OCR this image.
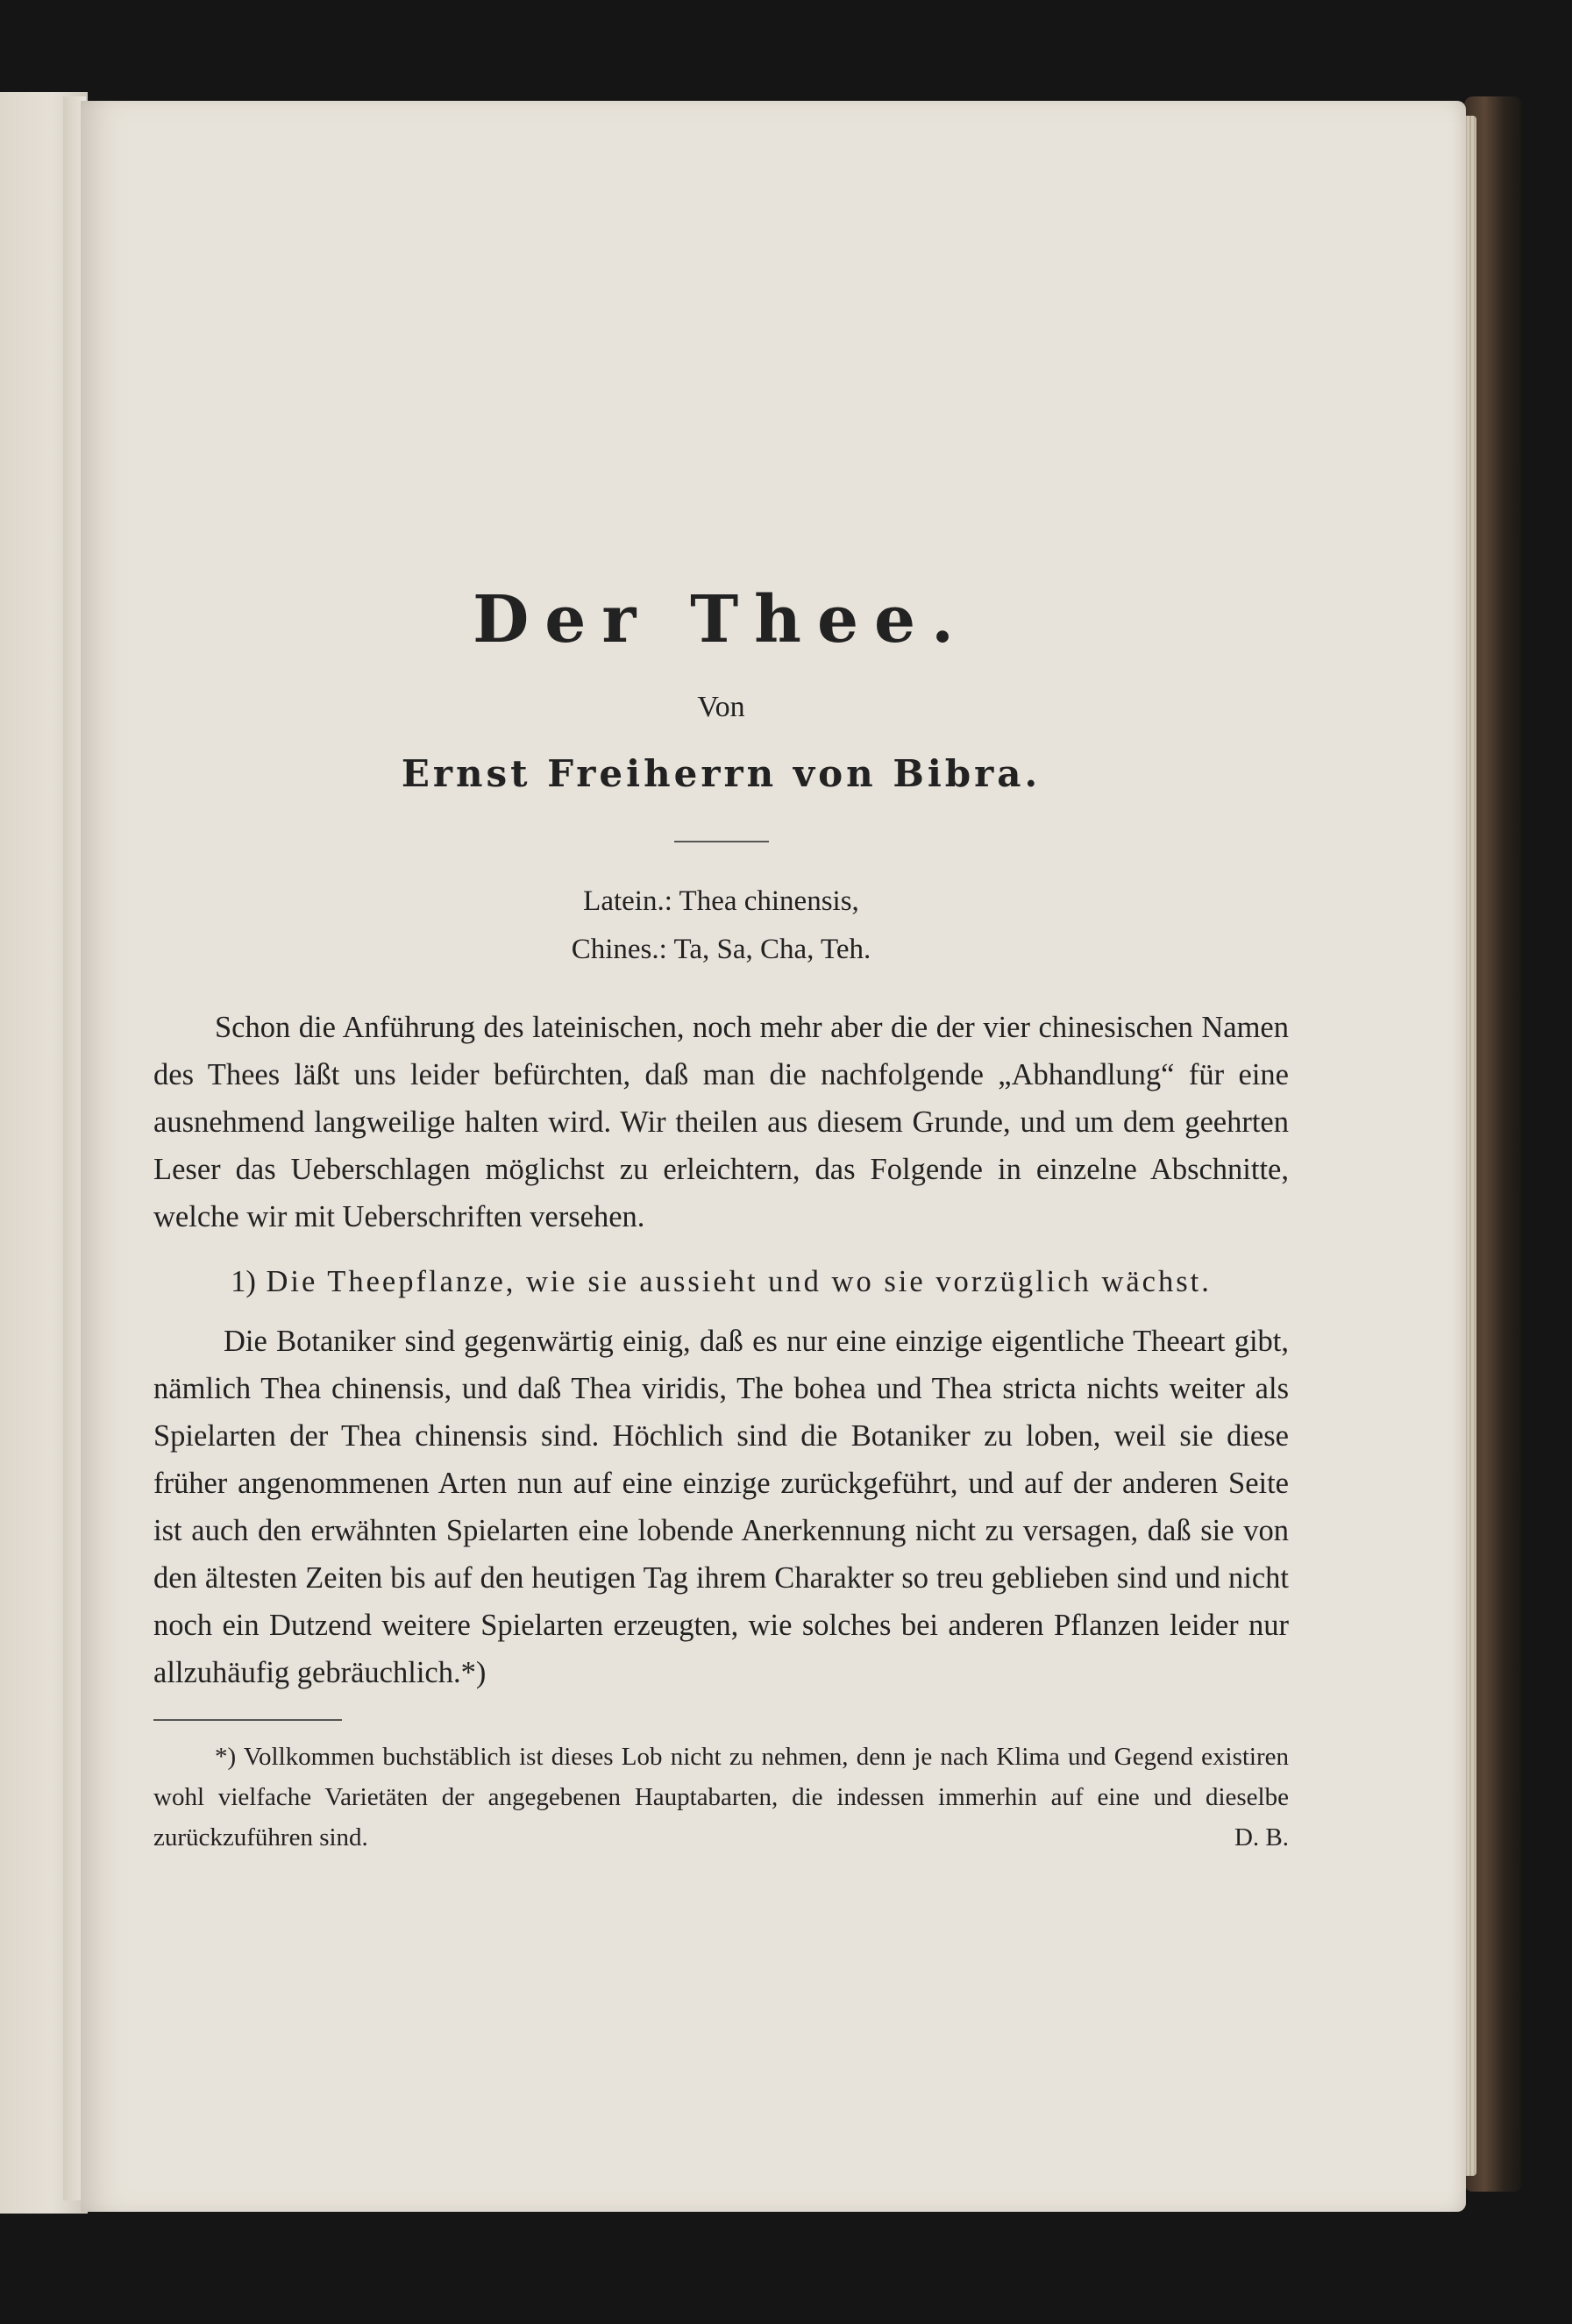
Der Thee.
Von
Ernst Freiherrn von Bibra.
Latein.: Thea chinensis,
Chines.: Ta, Sa, Cha, Teh.

Schon die Anführung des lateinischen, noch mehr aber die der vier chinesischen Namen des Thees läßt uns leider befürchten, daß man die nachfolgende „Abhandlung“ für eine ausnehmend langweilige halten wird. Wir theilen aus diesem Grunde, und um dem geehrten Leser das Ueberschlagen möglichst zu erleichtern, das Folgende in einzelne Abschnitte, welche wir mit Ueberschriften versehen.

1) Die Theepflanze, wie sie aussieht und wo sie vorzüglich wächst.

Die Botaniker sind gegenwärtig einig, daß es nur eine einzige eigentliche Theeart gibt, nämlich Thea chinensis, und daß Thea viridis, The bohea und Thea stricta nichts weiter als Spielarten der Thea chinensis sind. Höchlich sind die Botaniker zu loben, weil sie diese früher angenommenen Arten nun auf eine einzige zurückgeführt, und auf der anderen Seite ist auch den erwähnten Spielarten eine lobende Anerkennung nicht zu versagen, daß sie von den ältesten Zeiten bis auf den heutigen Tag ihrem Charakter so treu geblieben sind und nicht noch ein Dutzend weitere Spielarten erzeugten, wie solches bei anderen Pflanzen leider nur allzuhäufig gebräuchlich.*)

*) Vollkommen buchstäblich ist dieses Lob nicht zu nehmen, denn je nach Klima und Gegend existiren wohl vielfache Varietäten der angegebenen Hauptabarten, die indessen immerhin auf eine und dieselbe zurückzuführen sind.	D. B.
